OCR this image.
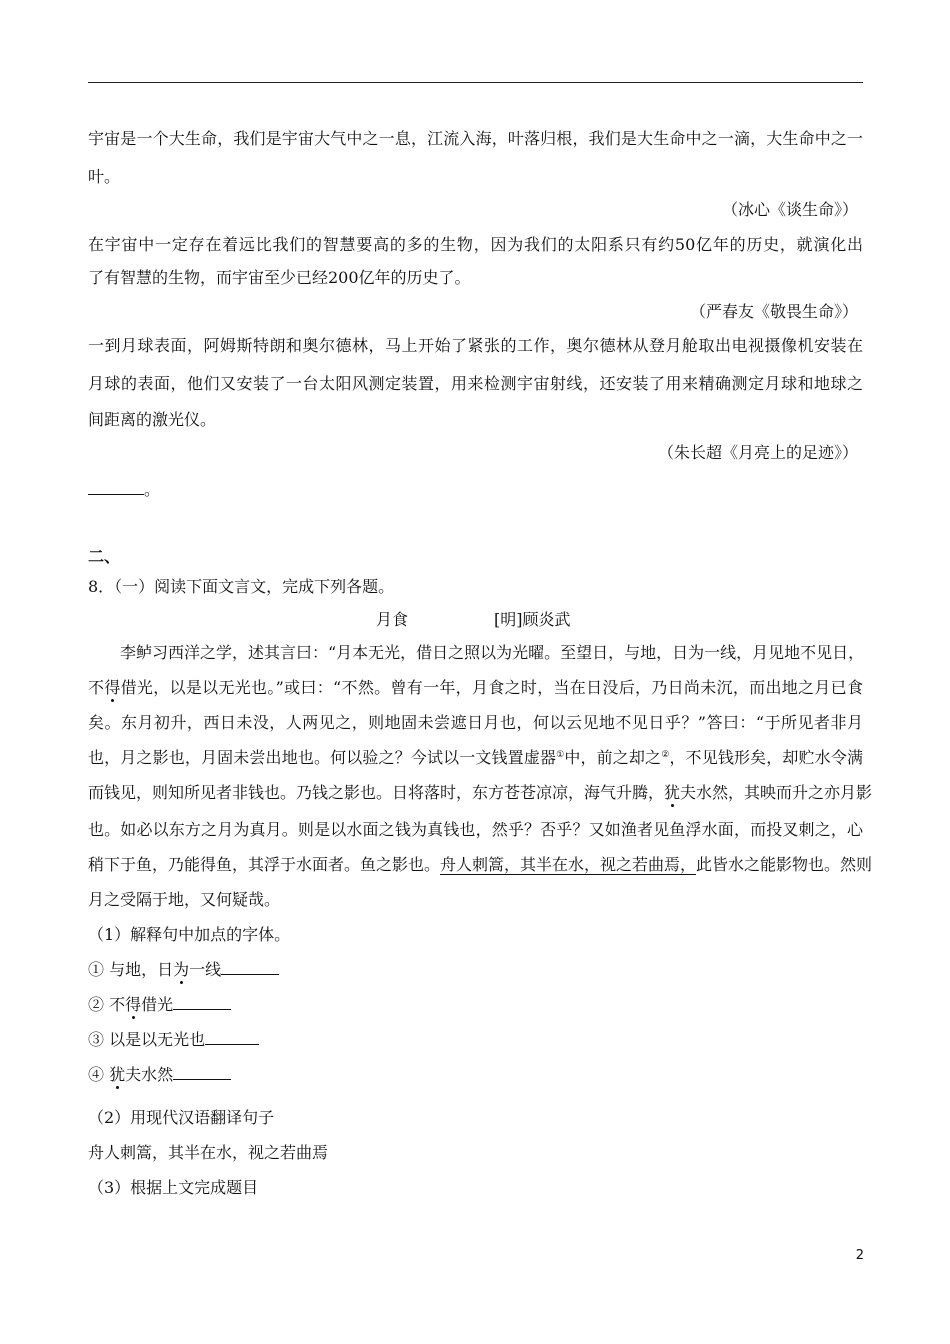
宇宙是一个大生命，我们是宇宙大气中之一息，江流入海，叶落归根，我们是大生命中之一滴，大生命中之一
叶。
（冰心《谈生命》）
在宇宙中一定存在着远比我们的智慧要高的多的生物，因为我们的太阳系只有约50亿年的历史，就演化出
了有智慧的生物，而宇宙至少已经200亿年的历史了。
（严春友《敬畏生命》）
一到月球表面，阿姆斯特朗和奥尔德林，马上开始了紧张的工作，奥尔德林从登月舱取出电视摄像机安装在
月球的表面，他们又安装了一台太阳风测定装置，用来检测宇宙射线，还安装了用来精确测定月球和地球之
间距离的激光仪。
（朱长超《月亮上的足迹》）
。
二、
8．（一）阅读下面文言文，完成下列各题。
月食	[明]顾炎武
李鲈习西洋之学，述其言曰：“月本无光，借日之照以为光曜。至望日，与地，日为一线，月见地不见日，
不得借光，以是以无光也。”或曰：“不然。曾有一年，月食之时，当在日没后，乃日尚未沉，而出地之月已食
矣。东月初升，西日未没，人两见之，则地固未尝遮日月也，何以云见地不见日乎？”答曰：“于所见者非月
也，月之影也，月固未尝出地也。何以验之？今试以一文钱置虚器①中，前之却之②，不见钱形矣，却贮水令满
而钱见，则知所见者非钱也。乃钱之影也。日将落时，东方苍苍凉凉，海气升腾，犹夫水然，其映而升之亦月影
也。如必以东方之月为真月。则是以水面之钱为真钱也，然乎？否乎？又如渔者见鱼浮水面，而投叉刺之，心
稍下于鱼，乃能得鱼，其浮于水面者。鱼之影也。舟人刺篙，其半在水，视之若曲焉，此皆水之能影物也。然则
月之受隔于地，又何疑哉。
（1）解释句中加点的字体。
① 与地，日为一线
② 不得借光
③ 以是以无光也
④ 犹夫水然
（2）用现代汉语翻译句子
舟人刺篙，其半在水，视之若曲焉
（3）根据上文完成题目
2
